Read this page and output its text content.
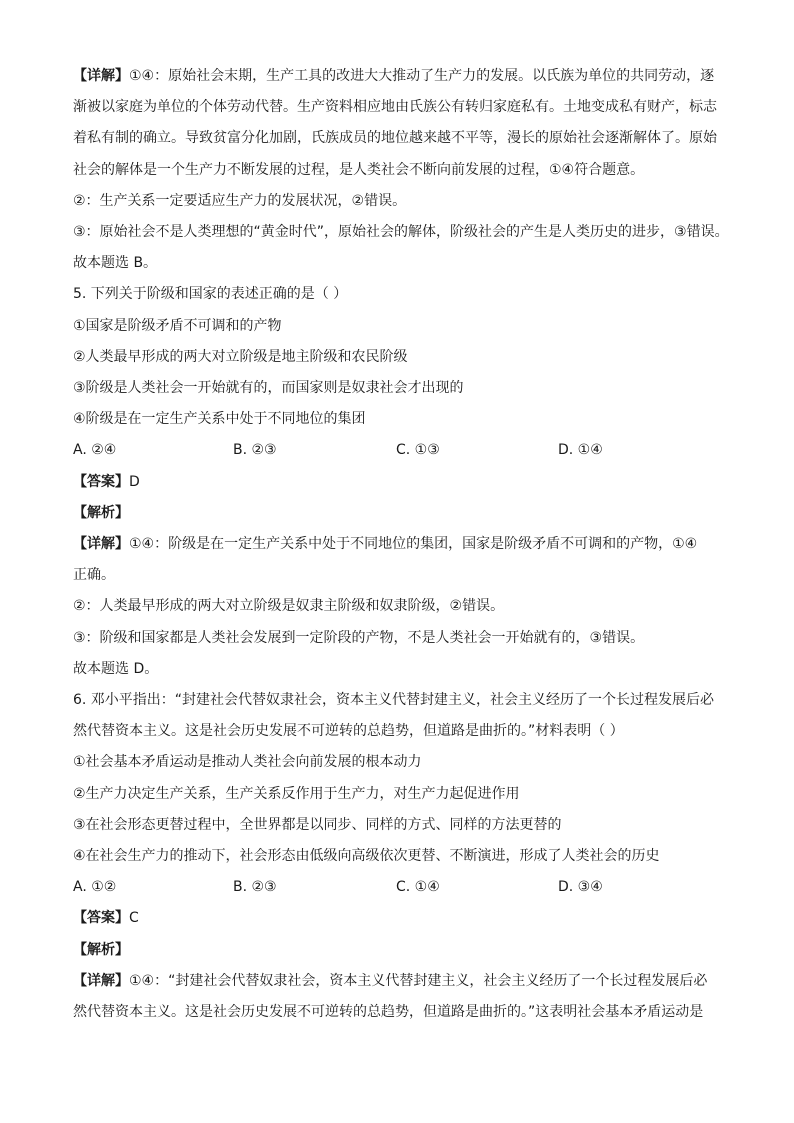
【详解】①④：原始社会末期，生产工具的改进大大推动了生产力的发展。以氏族为单位的共同劳动，逐
渐被以家庭为单位的个体劳动代替。生产资料相应地由氏族公有转归家庭私有。土地变成私有财产，标志
着私有制的确立。导致贫富分化加剧，氏族成员的地位越来越不平等，漫长的原始社会逐渐解体了。原始
社会的解体是一个生产力不断发展的过程，是人类社会不断向前发展的过程，①④符合题意。
②：生产关系一定要适应生产力的发展状况，②错误。
③：原始社会不是人类理想的“黄金时代”，原始社会的解体，阶级社会的产生是人类历史的进步，③错误。
故本题选 B。
5. 下列关于阶级和国家的表述正确的是（ ）
①国家是阶级矛盾不可调和的产物
②人类最早形成的两大对立阶级是地主阶级和农民阶级
③阶级是人类社会一开始就有的，而国家则是奴隶社会才出现的
④阶级是在一定生产关系中处于不同地位的集团
A. ②④	B. ②③	C. ①③	D. ①④
【答案】D
【解析】
【详解】①④：阶级是在一定生产关系中处于不同地位的集团，国家是阶级矛盾不可调和的产物，①④
正确。
②：人类最早形成的两大对立阶级是奴隶主阶级和奴隶阶级，②错误。
③：阶级和国家都是人类社会发展到一定阶段的产物，不是人类社会一开始就有的，③错误。
故本题选 D。
6. 邓小平指出：“封建社会代替奴隶社会，资本主义代替封建主义，社会主义经历了一个长过程发展后必
然代替资本主义。这是社会历史发展不可逆转的总趋势，但道路是曲折的。”材料表明（ ）
①社会基本矛盾运动是推动人类社会向前发展的根本动力
②生产力决定生产关系，生产关系反作用于生产力，对生产力起促进作用
③在社会形态更替过程中，全世界都是以同步、同样的方式、同样的方法更替的
④在社会生产力的推动下，社会形态由低级向高级依次更替、不断演进，形成了人类社会的历史
A. ①②	B. ②③	C. ①④	D. ③④
【答案】C
【解析】
【详解】①④：“封建社会代替奴隶社会，资本主义代替封建主义，社会主义经历了一个长过程发展后必
然代替资本主义。这是社会历史发展不可逆转的总趋势，但道路是曲折的。”这表明社会基本矛盾运动是
